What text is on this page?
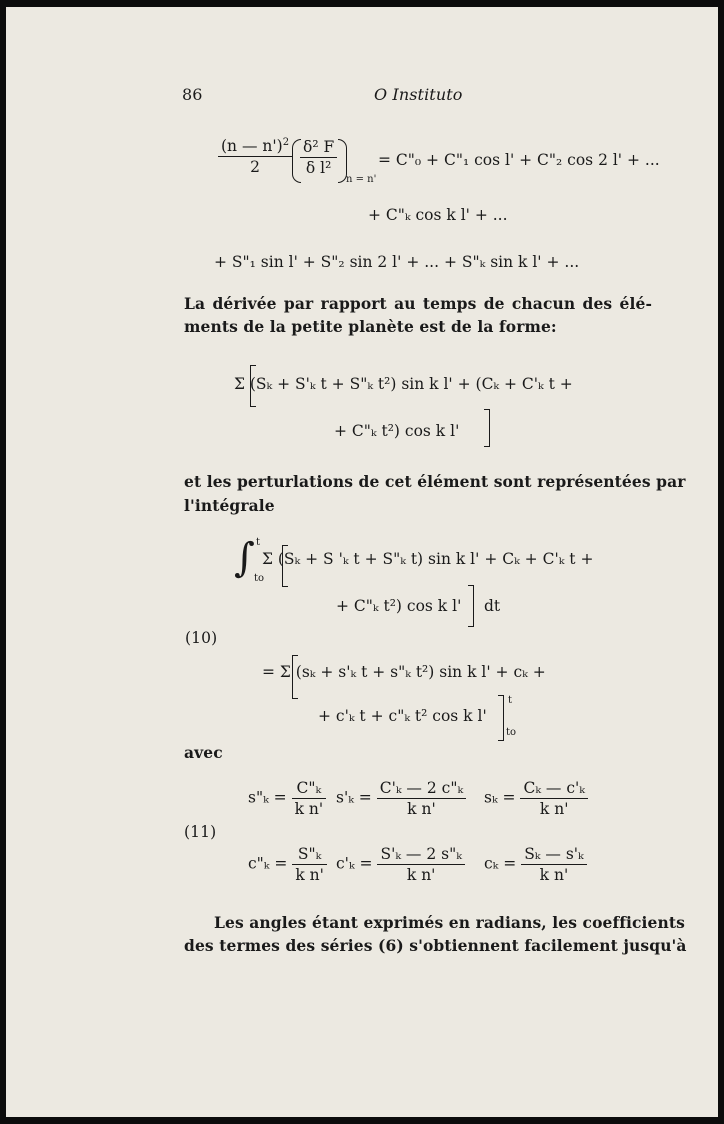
86	O Instituto
$\frac{(n — n')^2}{2} \frac{\text{δ² F}}{\text{δ l²}}$
n = n'
= C"₀ + C"₁ cos l' + C"₂ cos 2 l' + ...
+ C"ₖ cos k l' + ...
+ S"₁ sin l' + S"₂ sin 2 l' + ... + S"ₖ sin k l' + ...
La dérivée par rapport au temps de chacun des élé-
ments de la petite planète est de la forme:
Σ (Sₖ + S'ₖ t + S"ₖ t²) sin k l' + (Cₖ + C'ₖ t +
+ C"ₖ t²) cos k l'
et les perturlations de cet élément sont représentées par
l'intégrale
∫ t
to
Σ (Sₖ + S 'ₖ t + S"ₖ t) sin k l' + Cₖ + C'ₖ t +
+ C"ₖ t²) cos k l' dt
(10)
= Σ (sₖ + s'ₖ t + s"ₖ t²) sin k l' + cₖ +
+ c'ₖ t + c"ₖ t² cos k l'
t
to
avec
(11)
s"ₖ = $\frac{\text{C"ₖ}}{\text{k n'}} s'_k = \frac{\text{C'ₖ — 2 c"ₖ}}{\text{k n'}}$ $s_k = \frac{\text{Cₖ — c'ₖ}}{\text{k n'}}$
c"ₖ = $\frac{\text{S"ₖ}}{\text{k n'}} c'_k = \frac{\text{S'ₖ — 2 s"ₖ}}{\text{k n'}}$ $c_k = \frac{\text{Sₖ — s'ₖ}}{\text{k n'}}$
Les angles étant exprimés en radians, les coefficients
des termes des séries (6) s'obtiennent facilement jusqu'à
